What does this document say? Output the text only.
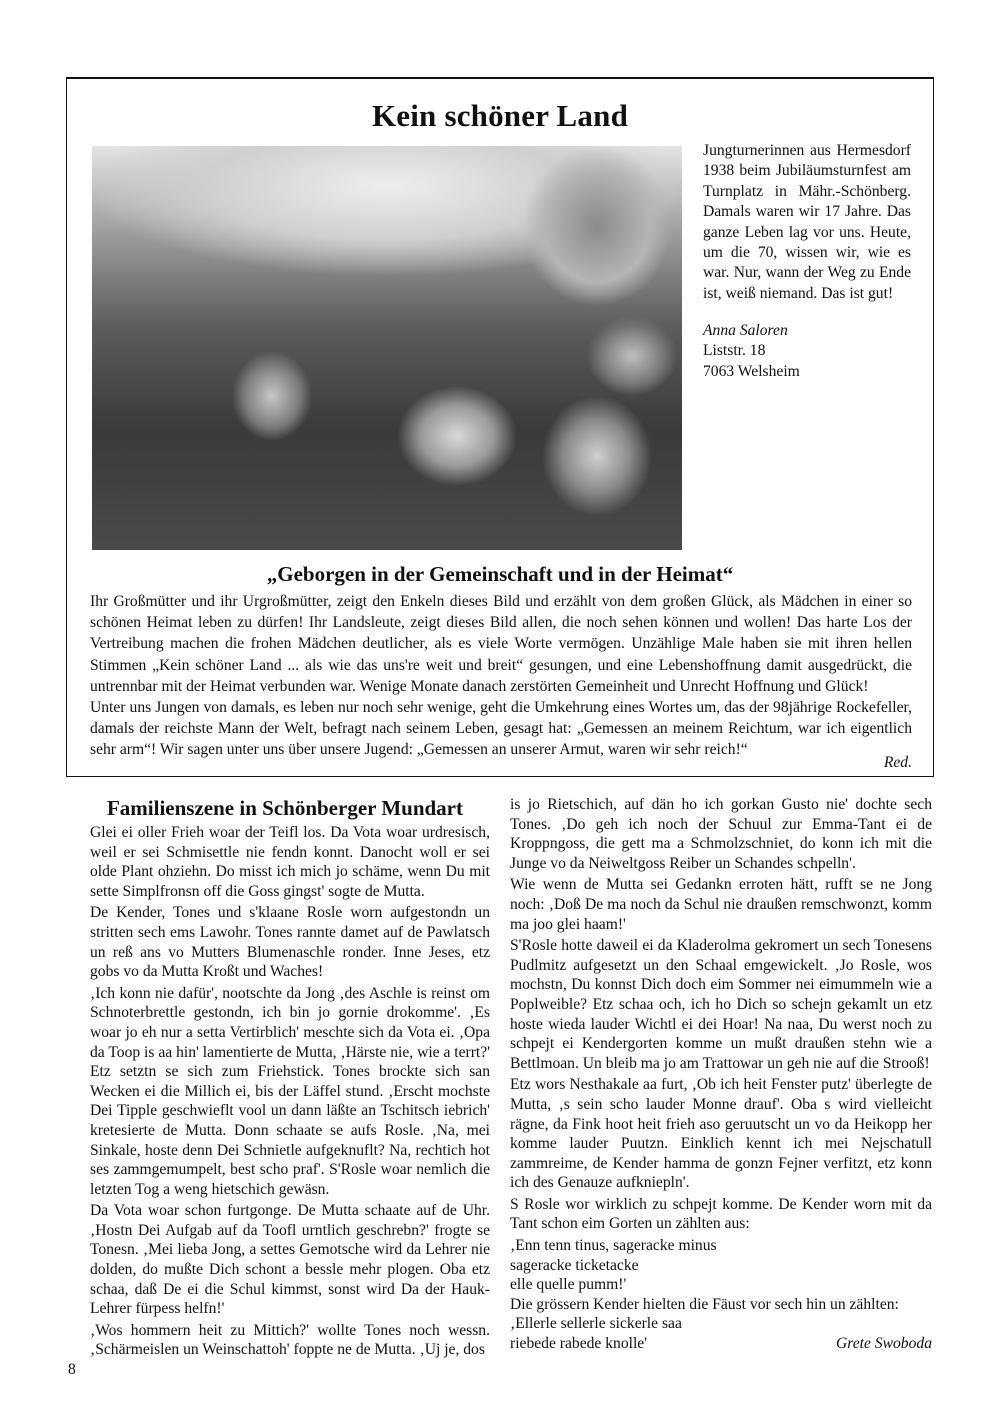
Kein schöner Land

Jungturnerinnen aus Hermesdorf 1938 beim Jubiläumsturnfest am Turnplatz in Mähr.-Schönberg. Damals waren wir 17 Jahre. Das ganze Leben lag vor uns. Heute, um die 70, wissen wir, wie es war. Nur, wann der Weg zu Ende ist, weiß niemand. Das ist gut!

Anna Saloren
Liststr. 18
7063 Welsheim
„Geborgen in der Gemeinschaft und in der Heimat“

Ihr Großmütter und ihr Urgroßmütter, zeigt den Enkeln dieses Bild und erzählt von dem großen Glück, als Mädchen in einer so schönen Heimat leben zu dürfen! Ihr Landsleute, zeigt dieses Bild allen, die noch sehen können und wollen! Das harte Los der Vertreibung machen die frohen Mädchen deutlicher, als es viele Worte vermögen. Unzählige Male haben sie mit ihren hellen Stimmen „Kein schöner Land ... als wie das uns're weit und breit“ gesungen, und eine Lebenshoffnung damit ausgedrückt, die untrennbar mit der Heimat verbunden war. Wenige Monate danach zerstörten Gemeinheit und Unrecht Hoffnung und Glück!

Unter uns Jungen von damals, es leben nur noch sehr wenige, geht die Umkehrung eines Wortes um, das der 98jährige Rockefeller, damals der reichste Mann der Welt, befragt nach seinem Leben, gesagt hat: „Gemessen an meinem Reichtum, war ich eigentlich sehr arm“! Wir sagen unter uns über unsere Jugend: „Gemessen an unserer Armut, waren wir sehr reich!“

Red.
Familienszene in Schönberger Mundart

Glei ei oller Frieh woar der Teifl los. Da Vota woar urdresisch, weil er sei Schmisettle nie fendn konnt. Danocht woll er sei olde Plant ohziehn. Do misst ich mich jo schäme, wenn Du mit sette Simplfronsn off die Goss gingst' sogte de Mutta.

De Kender, Tones und s'klaane Rosle worn aufgestondn un stritten sech ems Lawohr. Tones rannte damet auf de Pawlatsch un reß ans vo Mutters Blumenaschle ronder. Inne Jeses, etz gobs vo da Mutta Kroßt und Waches!

‚Ich konn nie dafür', nootschte da Jong ‚des Aschle is reinst om Schnoterbrettle gestondn, ich bin jo gornie drokomme'. ‚Es woar jo eh nur a setta Vertirblich' meschte sich da Vota ei. ‚Opa da Toop is aa hin' lamentierte de Mutta, ‚Härste nie, wie a terrt?' Etz setztn se sich zum Friehstick. Tones brockte sich san Wecken ei die Millich ei, bis der Läffel stund. ‚Erscht mochste Dei Tipple geschwieflt vool un dann läßte an Tschitsch iebrich' kretesierte de Mutta. Donn schaate se aufs Rosle. ‚Na, mei Sinkale, hoste denn Dei Schnietle aufgeknuflt? Na, rechtich hot ses zammgemumpelt, best scho praf'. S'Rosle woar nemlich die letzten Tog a weng hietschich gewäsn.

Da Vota woar schon furtgonge. De Mutta schaate auf de Uhr. ‚Hostn Dei Aufgab auf da Toofl urntlich geschrebn?' frogte se Tonesn. ‚Mei lieba Jong, a settes Gemotsche wird da Lehrer nie dolden, do mußte Dich schont a bessle mehr plogen. Oba etz schaa, daß De ei die Schul kimmst, sonst wird Da der Hauk-Lehrer fürpess helfn!'

‚Wos hommern heit zu Mittich?' wollte Tones noch wessn. ‚Schärmeislen un Weinschattoh' foppte ne de Mutta. ‚Uj je, dos

is jo Rietschich, auf dän ho ich gorkan Gusto nie' dochte sech Tones. ‚Do geh ich noch der Schuul zur Emma-Tant ei de Kroppngoss, die gett ma a Schmolzschniet, do konn ich mit die Junge vo da Neiweltgoss Reiber un Schandes schpelln'.

Wie wenn de Mutta sei Gedankn erroten hätt, rufft se ne Jong noch: ‚Doß De ma noch da Schul nie draußen remschwonzt, komm ma joo glei haam!'

S'Rosle hotte daweil ei da Kladerolma gekromert un sech Tonesens Pudlmitz aufgesetzt un den Schaal emgewickelt. ‚Jo Rosle, wos mochstn, Du konnst Dich doch eim Sommer nei eimummeln wie a Poplweible? Etz schaa och, ich ho Dich so schejn gekamlt un etz hoste wieda lauder Wichtl ei dei Hoar! Na naa, Du werst noch zu schpejt ei Kendergorten komme un mußt draußen stehn wie a Bettlmoan. Un bleib ma jo am Trattowar un geh nie auf die Strooß!

Etz wors Nesthakale aa furt, ‚Ob ich heit Fenster putz' überlegte de Mutta, ‚s sein scho lauder Monne drauf'. Oba s wird vielleicht rägne, da Fink hoot heit frieh aso geruutscht un vo da Heikopp her komme lauder Puutzn. Einklich kennt ich mei Nejschatull zammreime, de Kender hamma de gonzn Fejner verfitzt, etz konn ich des Genauze aufkniepln'.

S Rosle wor wirklich zu schpejt komme. De Kender worn mit da Tant schon eim Gorten un zählten aus:

‚Enn tenn tinus, sageracke minus
sageracke ticketacke
elle quelle pumm!'
Die grössern Kender hielten die Fäust vor sech hin un zählten:
‚Ellerle sellerle sickerle saa
riebede rabede knolle'	Grete Swoboda
8
